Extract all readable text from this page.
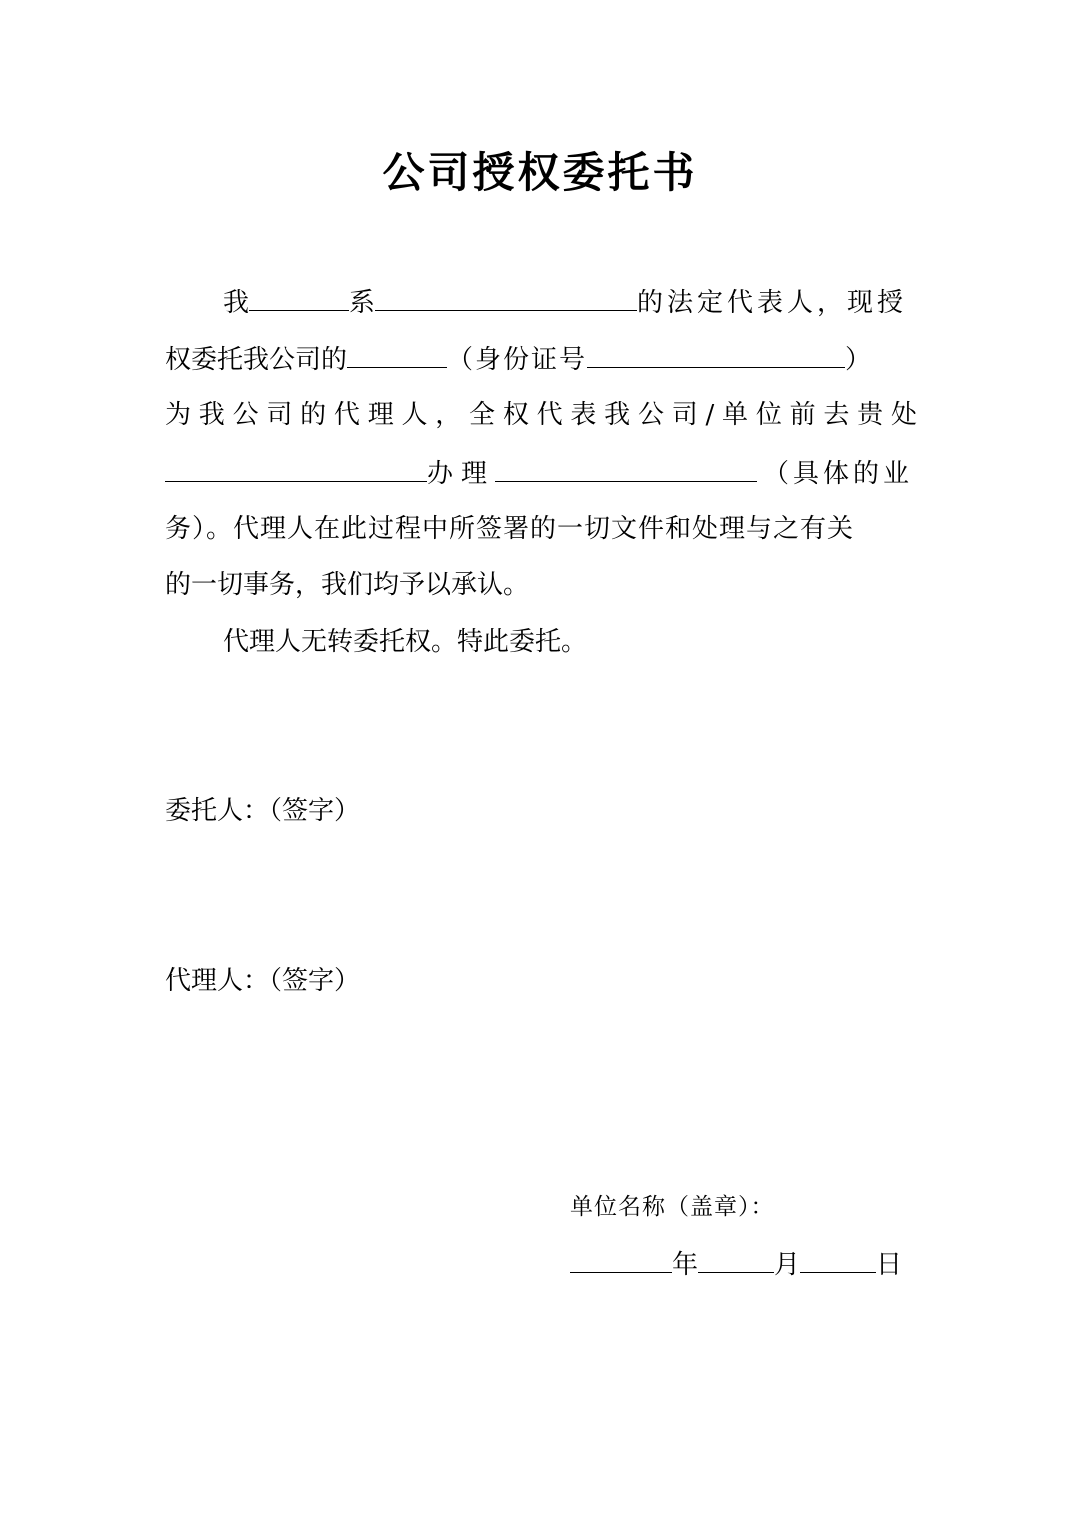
公司授权委托书
我	系	的法定代表人，现授
权委托我公司的	（身份证号	）
为 我 公 司 的 代 理 人 ， 全 权 代 表 我 公 司 / 单 位 前 去 贵 处
办理	（具体的业
务）。代理人在此过程中所签署的一切文件和处理与之有关
的一切事务，我们均予以承认。
代理人无转委托权。特此委托。
委托人：（签字）
代理人：（签字）
单位名称（盖章）：
年	月	日
